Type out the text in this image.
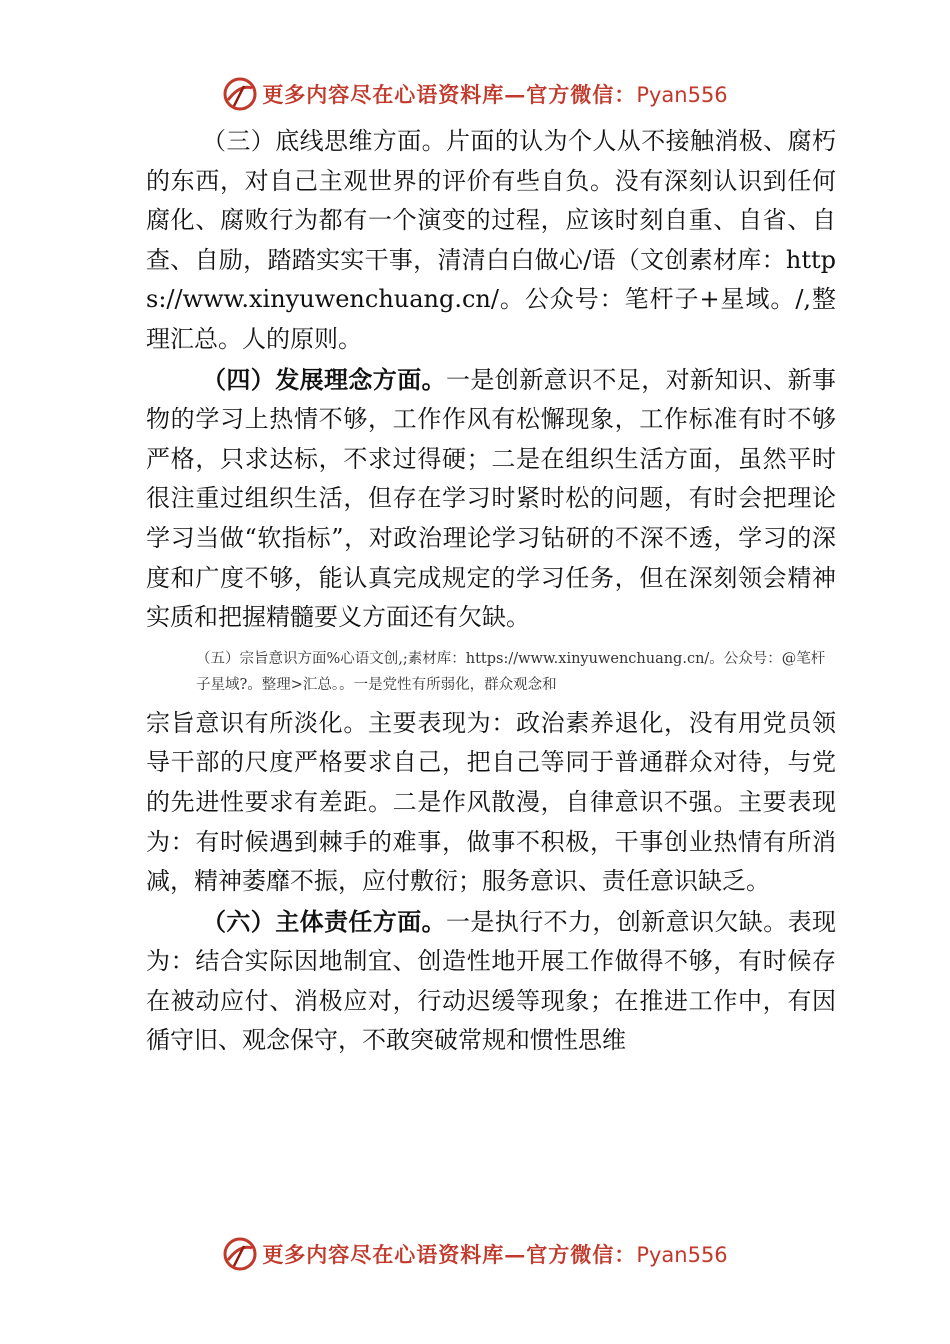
更多内容尽在心语资料库—官方微信：Pyan556

（三）底线思维方面。片面的认为个人从不接触消极、腐朽的东西，对自己主观世界的评价有些自负。没有深刻认识到任何腐化、腐败行为都有一个演变的过程，应该时刻自重、自省、自查、自励，踏踏实实干事，清清白白做心/语（文创素材库：https://www.xinyuwenchuang.cn/。公众号：笔杆子+星域。/,整理汇总。人的原则。

（四）发展理念方面。一是创新意识不足，对新知识、新事物的学习上热情不够，工作作风有松懈现象，工作标准有时不够严格，只求达标，不求过得硬；二是在组织生活方面，虽然平时很注重过组织生活，但存在学习时紧时松的问题，有时会把理论学习当做“软指标”，对政治理论学习钻研的不深不透，学习的深度和广度不够，能认真完成规定的学习任务，但在深刻领会精神实质和把握精髓要义方面还有欠缺。

（五）宗旨意识方面%心语文创,;素材库：https://www.xinyuwenchuang.cn/。公众号：@笔杆子星域?。整理>汇总。。一是党性有所弱化，群众观念和

宗旨意识有所淡化。主要表现为：政治素养退化，没有用党员领导干部的尺度严格要求自己，把自己等同于普通群众对待，与党的先进性要求有差距。二是作风散漫，自律意识不强。主要表现为：有时候遇到棘手的难事，做事不积极，干事创业热情有所消减，精神萎靡不振，应付敷衍；服务意识、责任意识缺乏。

（六）主体责任方面。一是执行不力，创新意识欠缺。表现为：结合实际因地制宜、创造性地开展工作做得不够，有时候存在被动应付、消极应对，行动迟缓等现象；在推进工作中，有因循守旧、观念保守，不敢突破常规和惯性思维

更多内容尽在心语资料库—官方微信：Pyan556
